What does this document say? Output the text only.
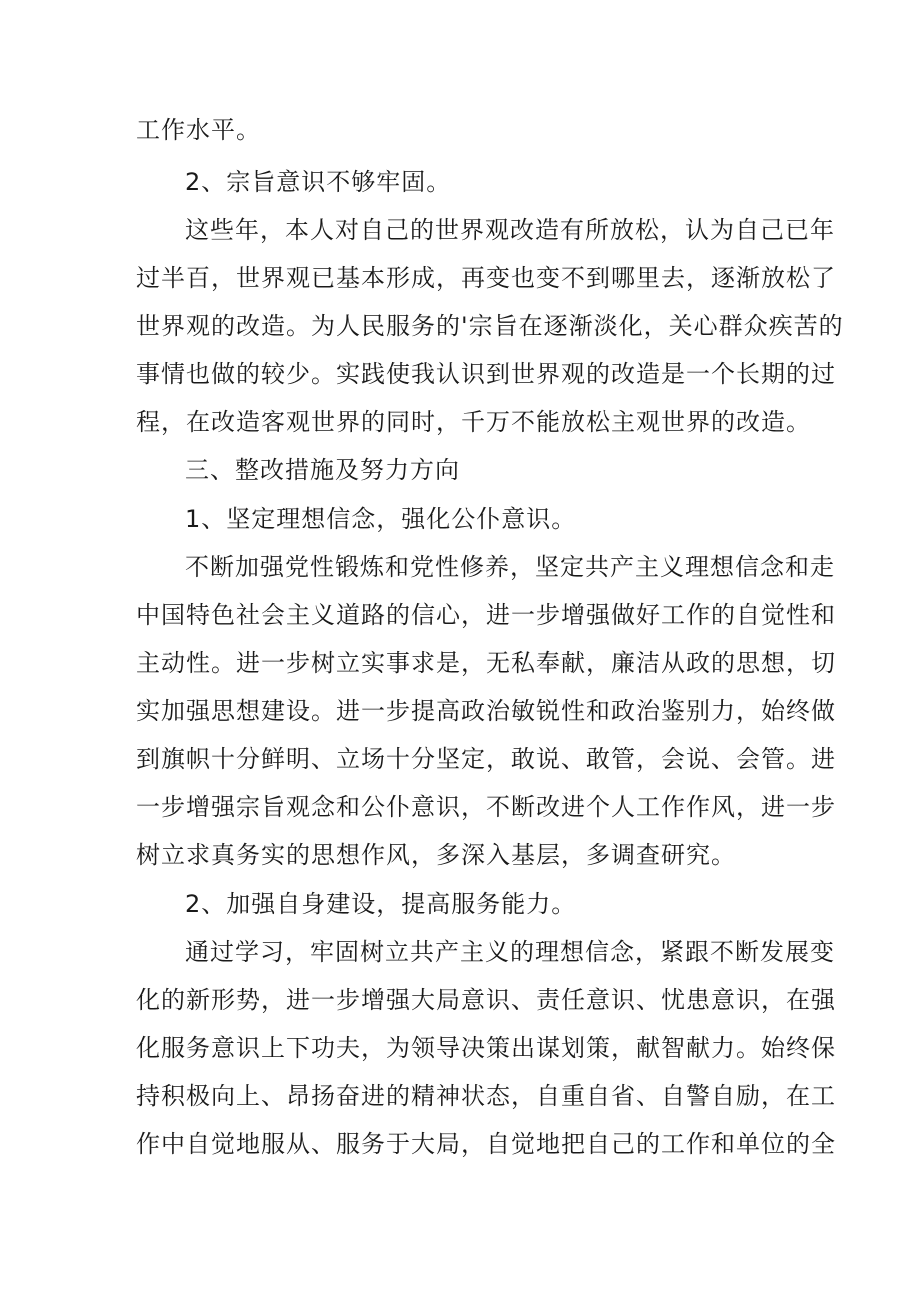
工作水平。
2、宗旨意识不够牢固。
这些年，本人对自己的世界观改造有所放松，认为自己已年
过半百，世界观已基本形成，再变也变不到哪里去，逐渐放松了
世界观的改造。为人民服务的'宗旨在逐渐淡化，关心群众疾苦的
事情也做的较少。实践使我认识到世界观的改造是一个长期的过
程，在改造客观世界的同时，千万不能放松主观世界的改造。
三、整改措施及努力方向
1、坚定理想信念，强化公仆意识。
不断加强党性锻炼和党性修养，坚定共产主义理想信念和走
中国特色社会主义道路的信心，进一步增强做好工作的自觉性和
主动性。进一步树立实事求是，无私奉献，廉洁从政的思想，切
实加强思想建设。进一步提高政治敏锐性和政治鉴别力，始终做
到旗帜十分鲜明、立场十分坚定，敢说、敢管，会说、会管。进
一步增强宗旨观念和公仆意识，不断改进个人工作作风，进一步
树立求真务实的思想作风，多深入基层，多调查研究。
2、加强自身建设，提高服务能力。
通过学习，牢固树立共产主义的理想信念，紧跟不断发展变
化的新形势，进一步增强大局意识、责任意识、忧患意识，在强
化服务意识上下功夫，为领导决策出谋划策，献智献力。始终保
持积极向上、昂扬奋进的精神状态，自重自省、自警自励，在工
作中自觉地服从、服务于大局，自觉地把自己的工作和单位的全
